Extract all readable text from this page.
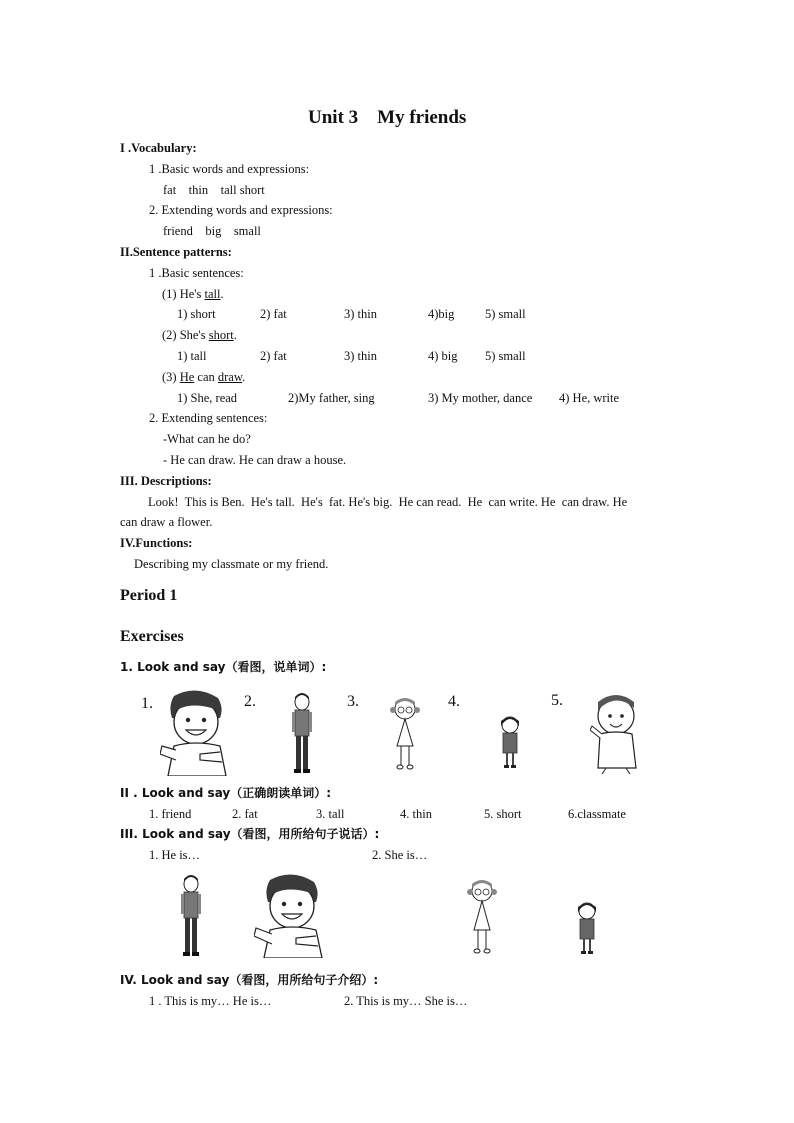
Unit 3    My friends
I .Vocabulary:
1 .Basic words and expressions:
fat    thin    tall short
2. Extending words and expressions:
friend    big    small
II.Sentence patterns:
1 .Basic sentences:
(1) He's tall.
1) short	2) fat	3) thin	4)big 5) small
(2) She's short.
1) tall	2) fat	3) thin	4) big 5) small
(3) He can draw.
1) She, read	2)My father, sing	3) My mother, dance 4) He, write
2. Extending sentences:
-What can he do?
- He can draw. He can draw a house.
III. Descriptions:
Look!  This is Ben.  He's tall.  He's  fat. He's big.  He can read.  He  can write. He  can draw. He
can draw a flower.
IV.Functions:
Describing my classmate or my friend.
Period 1
Exercises
1. Look and say（看图，说单词）:
1.	2.	3.	4.	5.
II . Look and say（正确朗读单词）:
1. friend	2. fat	3. tall	4. thin	5. short	6.classmate
III. Look and say（看图，用所给句子说话）:
1. He is…	2. She is…
IV. Look and say（看图，用所给句子介绍）:
1 . This is my… He is…	2. This is my… She is…
